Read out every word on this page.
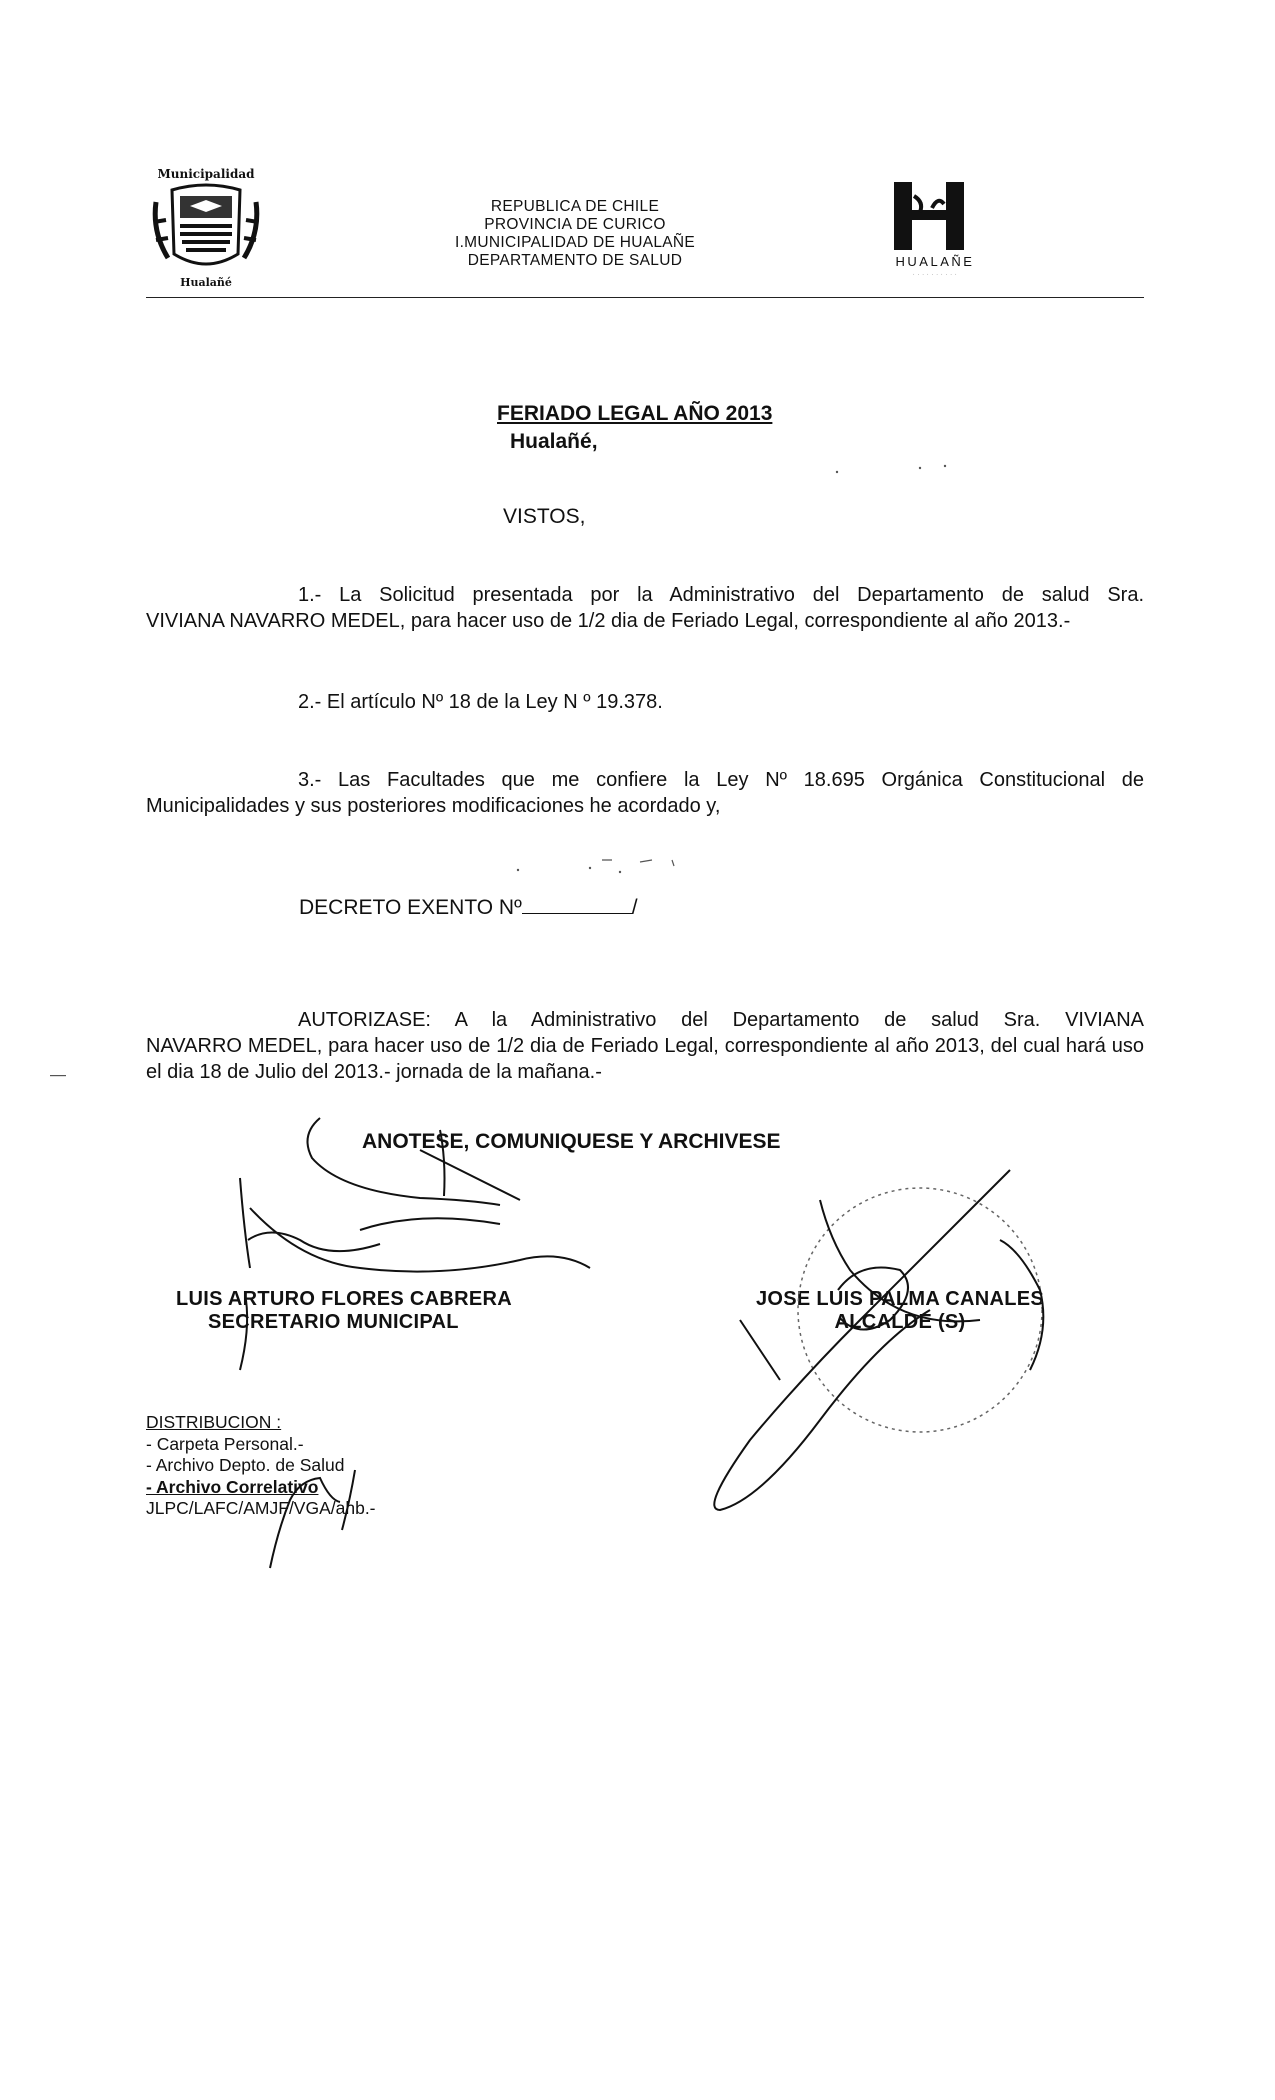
Municipalidad
Hualañé
REPUBLICA DE CHILE
PROVINCIA DE CURICO
I.MUNICIPALIDAD DE HUALAÑE
DEPARTAMENTO DE SALUD	HUALAÑE
· · · · · · · · · ·
FERIADO LEGAL AÑO 2013
Hualañé,
VISTOS,
1.- La Solicitud presentada por la Administrativo del Departamento de salud Sra.
VIVIANA NAVARRO MEDEL, para hacer uso de 1/2 dia de Feriado Legal, correspondiente al año 2013.-
2.- El artículo Nº 18 de la Ley N º 19.378.
3.- Las Facultades que me confiere la Ley Nº 18.695 Orgánica Constitucional de
Municipalidades y sus posteriores modificaciones he acordado y,
DECRETO EXENTO Nº	/
AUTORIZASE: A la Administrativo del Departamento de salud Sra. VIVIANA
NAVARRO MEDEL, para hacer uso de 1/2 dia de Feriado Legal, correspondiente al año 2013, del cual hará uso el dia 18 de Julio del 2013.- jornada de la mañana.-
ANOTESE, COMUNIQUESE Y ARCHIVESE
LUIS ARTURO FLORES CABRERA
SECRETARIO MUNICIPAL
JOSE LUIS PALMA CANALES
ALCALDE (S)
DISTRIBUCION :
- Carpeta Personal.-
- Archivo Depto. de Salud
- Archivo Correlativo
JLPC/LAFC/AMJF/VGA/ahb.-
